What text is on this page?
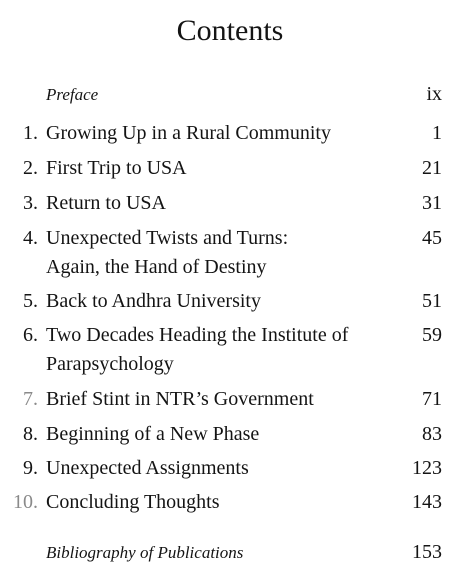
Contents
Preface	ix
1. Growing Up in a Rural Community	1
2. First Trip to USA	21
3. Return to USA	31
4. Unexpected Twists and Turns:	45
Again, the Hand of Destiny
5. Back to Andhra University	51
6. Two Decades Heading the Institute of	59
Parapsychology
7. Brief Stint in NTR’s Government	71
8. Beginning of a New Phase	83
9. Unexpected Assignments	123
10. Concluding Thoughts	143
Bibliography of Publications	153
